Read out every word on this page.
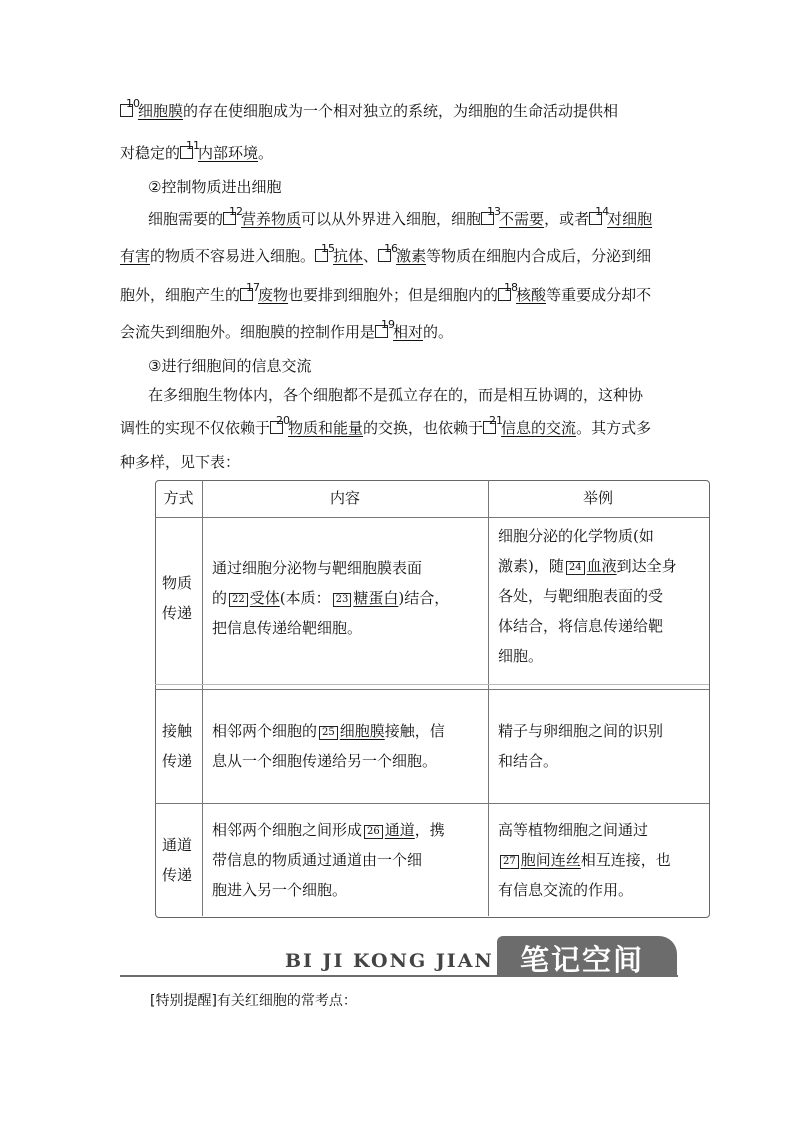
$^{10}$细胞膜的存在使细胞成为一个相对独立的系统，为细胞的生命活动提供相
对稳定的 $^{11}$内部环境。
②控制物质进出细胞
细胞需要的 $^{12}$营养物质可以从外界进入细胞，细胞 $^{13}$不需要，或者 $^{14}$对细胞
有害的物质不容易进入细胞。 $^{15}$抗体、 $^{16}$激素等物质在细胞内合成后，分泌到细
胞外，细胞产生的 $^{17}$废物也要排到细胞外；但是细胞内的 $^{18}$核酸等重要成分却不
会流失到细胞外。细胞膜的控制作用是 $^{19}$相对的。
③进行细胞间的信息交流
在多细胞生物体内，各个细胞都不是孤立存在的，而是相互协调的，这种协
调性的实现不仅依赖于 $^{20}$物质和能量的交换，也依赖于 $^{21}$信息的交流。其方式多
种多样，见下表：
方式	内容	举例
物质
传递
通过细胞分泌物与靶细胞膜表面
的 22 受体(本质： 23 糖蛋白)结合，
把信息传递给靶细胞。
细胞分泌的化学物质(如
激素)，随 24 血液到达全身
各处，与靶细胞表面的受
体结合，将信息传递给靶
细胞。
接触
传递
相邻两个细胞的 25 细胞膜接触，信
息从一个细胞传递给另一个细胞。
精子与卵细胞之间的识别
和结合。
通道
传递
相邻两个细胞之间形成 26 通道，携
带信息的物质通过通道由一个细
胞进入另一个细胞。
高等植物细胞之间通过
27 胞间连丝相互连接，也
有信息交流的作用。
BI JI KONG JIAN 笔记空间
[特别提醒]有关红细胞的常考点：
